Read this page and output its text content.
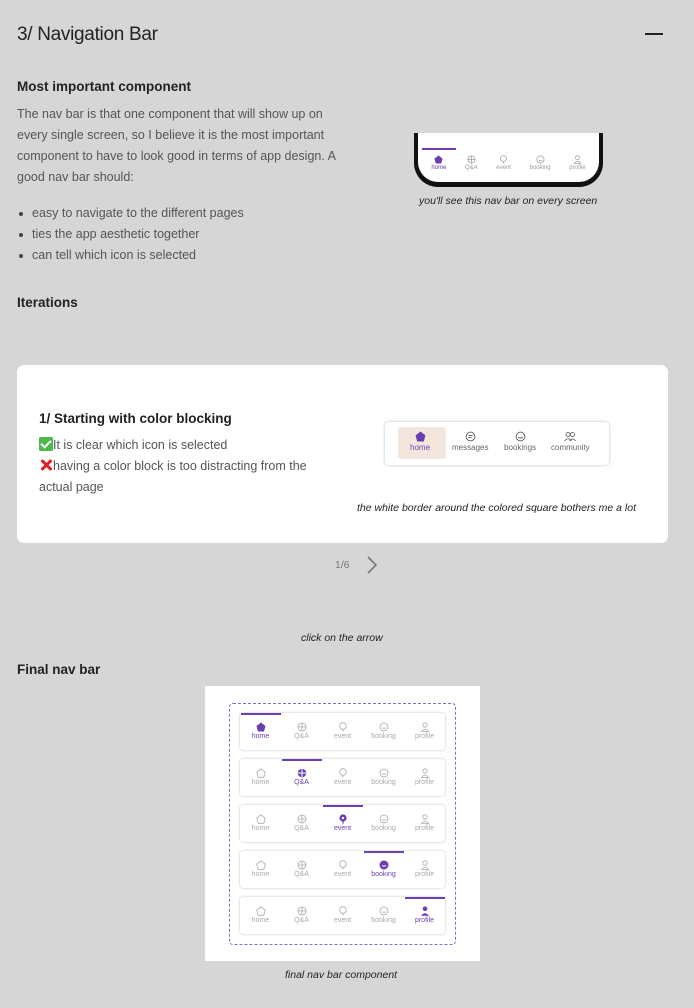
3/ Navigation Bar
Most important component
The nav bar is that one component that will show up on every single screen, so I believe it is the most important component to have to look good in terms of app design. A good nav bar should:
easy to navigate to the different pages
ties the app aesthetic together
can tell which icon is selected
home	Q&A	event	booking	profile
you'll see this nav bar on every screen
Iterations
1/ Starting with color blocking
It is clear which icon is selected
having a color block is too distracting from the actual page
home	messages bookings community
the white border around the colored square bothers me a lot
1/6
click on the arrow
Final nav bar
home	Q&A	event	booking	profile
home	Q&A	event	booking	profile
home	Q&A	event	booking	profile
home	Q&A	event	booking	profile
home	Q&A	event	booking	profile
final nav bar component
